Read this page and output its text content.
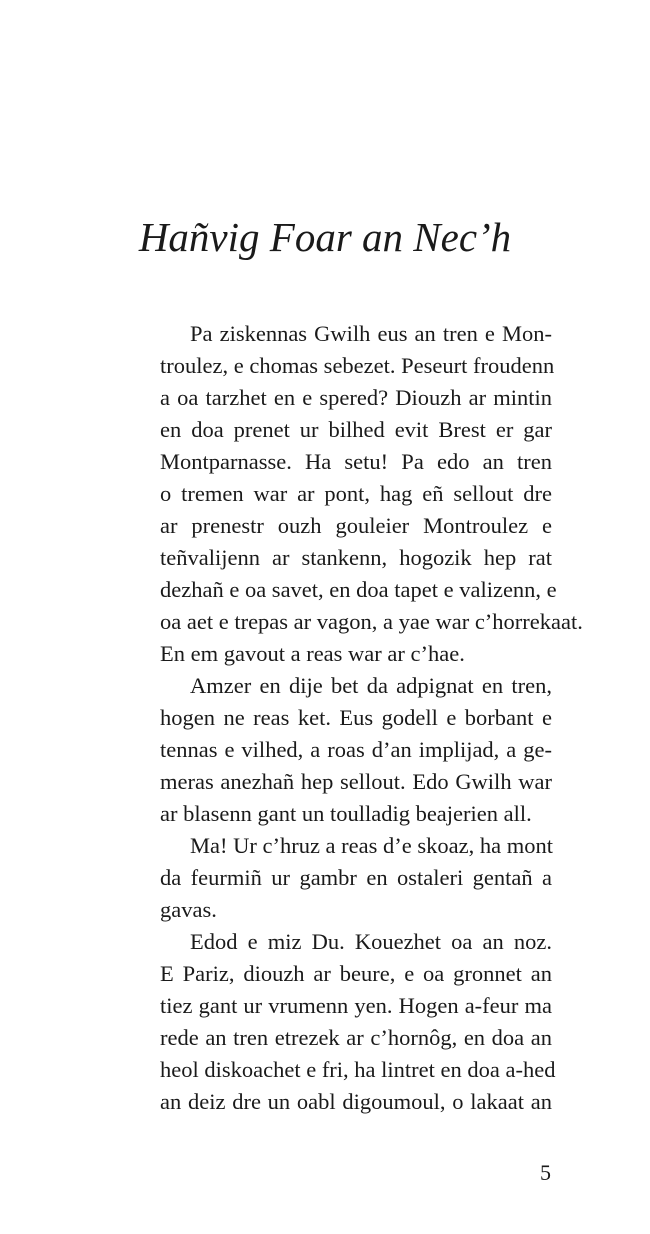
Hañvig Foar an Nec’h

Pa ziskennas Gwilh eus an tren e Mon-
troulez, e chomas sebezet. Peseurt froudenn
a oa tarzhet en e spered? Diouzh ar mintin
en doa prenet ur bilhed evit Brest er gar
Montparnasse. Ha setu! Pa edo an tren
o tremen war ar pont, hag eñ sellout dre
ar prenestr ouzh gouleier Montroulez e
teñvalijenn ar stankenn, hogozik hep rat
dezhañ e oa savet, en doa tapet e valizenn, e
oa aet e trepas ar vagon, a yae war c’horrekaat.
En em gavout a reas war ar c’hae.

Amzer en dije bet da adpignat en tren,
hogen ne reas ket. Eus godell e borbant e
tennas e vilhed, a roas d’an implijad, a ge-
meras anezhañ hep sellout. Edo Gwilh war
ar blasenn gant un toulladig beajerien all.

Ma! Ur c’hruz a reas d’e skoaz, ha mont
da feurmiñ ur gambr en ostaleri gentañ a
gavas.

Edod e miz Du. Kouezhet oa an noz.
E Pariz, diouzh ar beure, e oa gronnet an
tiez gant ur vrumenn yen. Hogen a-feur ma
rede an tren etrezek ar c’hornôg, en doa an
heol diskoachet e fri, ha lintret en doa a-hed
an deiz dre un oabl digoumoul, o lakaat an

5
